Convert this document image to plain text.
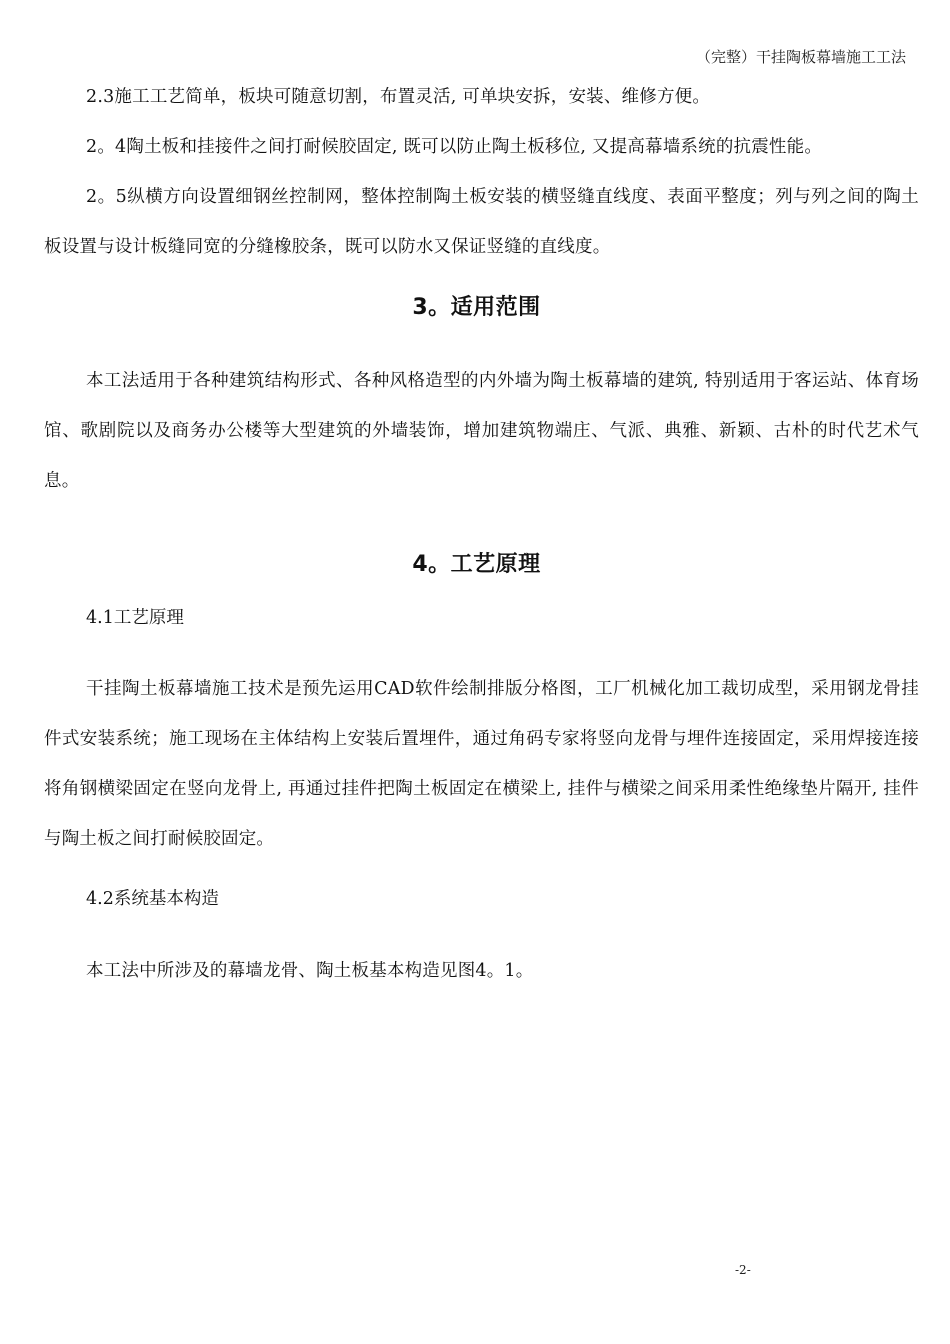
（完整）干挂陶板幕墙施工工法

2.3施工工艺简单，板块可随意切割，布置灵活, 可单块安拆，安装、维修方便。

2。4陶土板和挂接件之间打耐候胶固定, 既可以防止陶土板移位, 又提高幕墙系统的抗震性能。

2。5纵横方向设置细钢丝控制网，整体控制陶土板安装的横竖缝直线度、表面平整度；列与列之间的陶土板设置与设计板缝同宽的分缝橡胶条，既可以防水又保证竖缝的直线度。

3。适用范围

本工法适用于各种建筑结构形式、各种风格造型的内外墙为陶土板幕墙的建筑, 特别适用于客运站、体育场馆、歌剧院以及商务办公楼等大型建筑的外墙装饰，增加建筑物端庄、气派、典雅、新颖、古朴的时代艺术气息。

4。工艺原理

4.1工艺原理

干挂陶土板幕墙施工技术是预先运用CAD软件绘制排版分格图，工厂机械化加工裁切成型，采用钢龙骨挂件式安装系统；施工现场在主体结构上安装后置埋件，通过角码专家将竖向龙骨与埋件连接固定，采用焊接连接将角钢横梁固定在竖向龙骨上, 再通过挂件把陶土板固定在横梁上, 挂件与横梁之间采用柔性绝缘垫片隔开, 挂件与陶土板之间打耐候胶固定。

4.2系统基本构造

本工法中所涉及的幕墙龙骨、陶土板基本构造见图4。1。

-2-
